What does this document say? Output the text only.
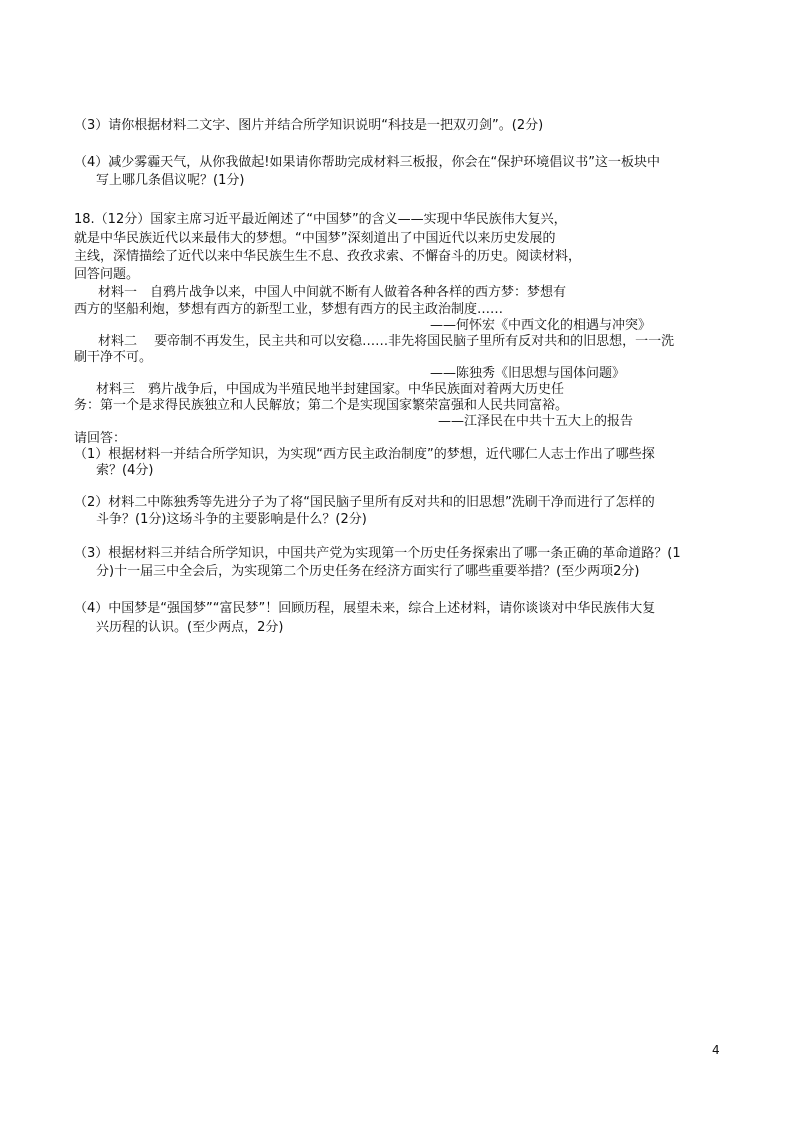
（3）请你根据材料二文字、图片并结合所学知识说明“科技是一把双刃剑”。(2分)
（4）减少雾霾天气，从你我做起!如果请你帮助完成材料三板报，你会在“保护环境倡议书”这一板块中
写上哪几条倡议呢？(1分)
18.（12分）国家主席习近平最近阐述了“中国梦”的含义——实现中华民族伟大复兴，
就是中华民族近代以来最伟大的梦想。“中国梦”深刻道出了中国近代以来历史发展的
主线，深情描绘了近代以来中华民族生生不息、孜孜求索、不懈奋斗的历史。阅读材料，
回答问题。
材料一　自鸦片战争以来，中国人中间就不断有人做着各种各样的西方梦：梦想有
西方的坚船利炮，梦想有西方的新型工业，梦想有西方的民主政治制度……
——何怀宏《中西文化的相遇与冲突》
材料二　 要帝制不再发生，民主共和可以安稳……非先将国民脑子里所有反对共和的旧思想，一一洗
刷干净不可。
——陈独秀《旧思想与国体问题》
材料三　鸦片战争后，中国成为半殖民地半封建国家。中华民族面对着两大历史任
务：第一个是求得民族独立和人民解放；第二个是实现国家繁荣富强和人民共同富裕。
——江泽民在中共十五大上的报告
请回答：
（1）根据材料一并结合所学知识，为实现“西方民主政治制度”的梦想，近代哪仁人志士作出了哪些探
索？(4分)
（2）材料二中陈独秀等先进分子为了将“国民脑子里所有反对共和的旧思想”洗刷干净而进行了怎样的
斗争？(1分)这场斗争的主要影响是什么？(2分)
（3）根据材料三并结合所学知识，中国共产党为实现第一个历史任务探索出了哪一条正确的革命道路？(1
分)十一届三中全会后，为实现第二个历史任务在经济方面实行了哪些重要举措？(至少两项2分)
（4）中国梦是“强国梦”“富民梦”！回顾历程，展望未来，综合上述材料，请你谈谈对中华民族伟大复
兴历程的认识。(至少两点，2分)
4
